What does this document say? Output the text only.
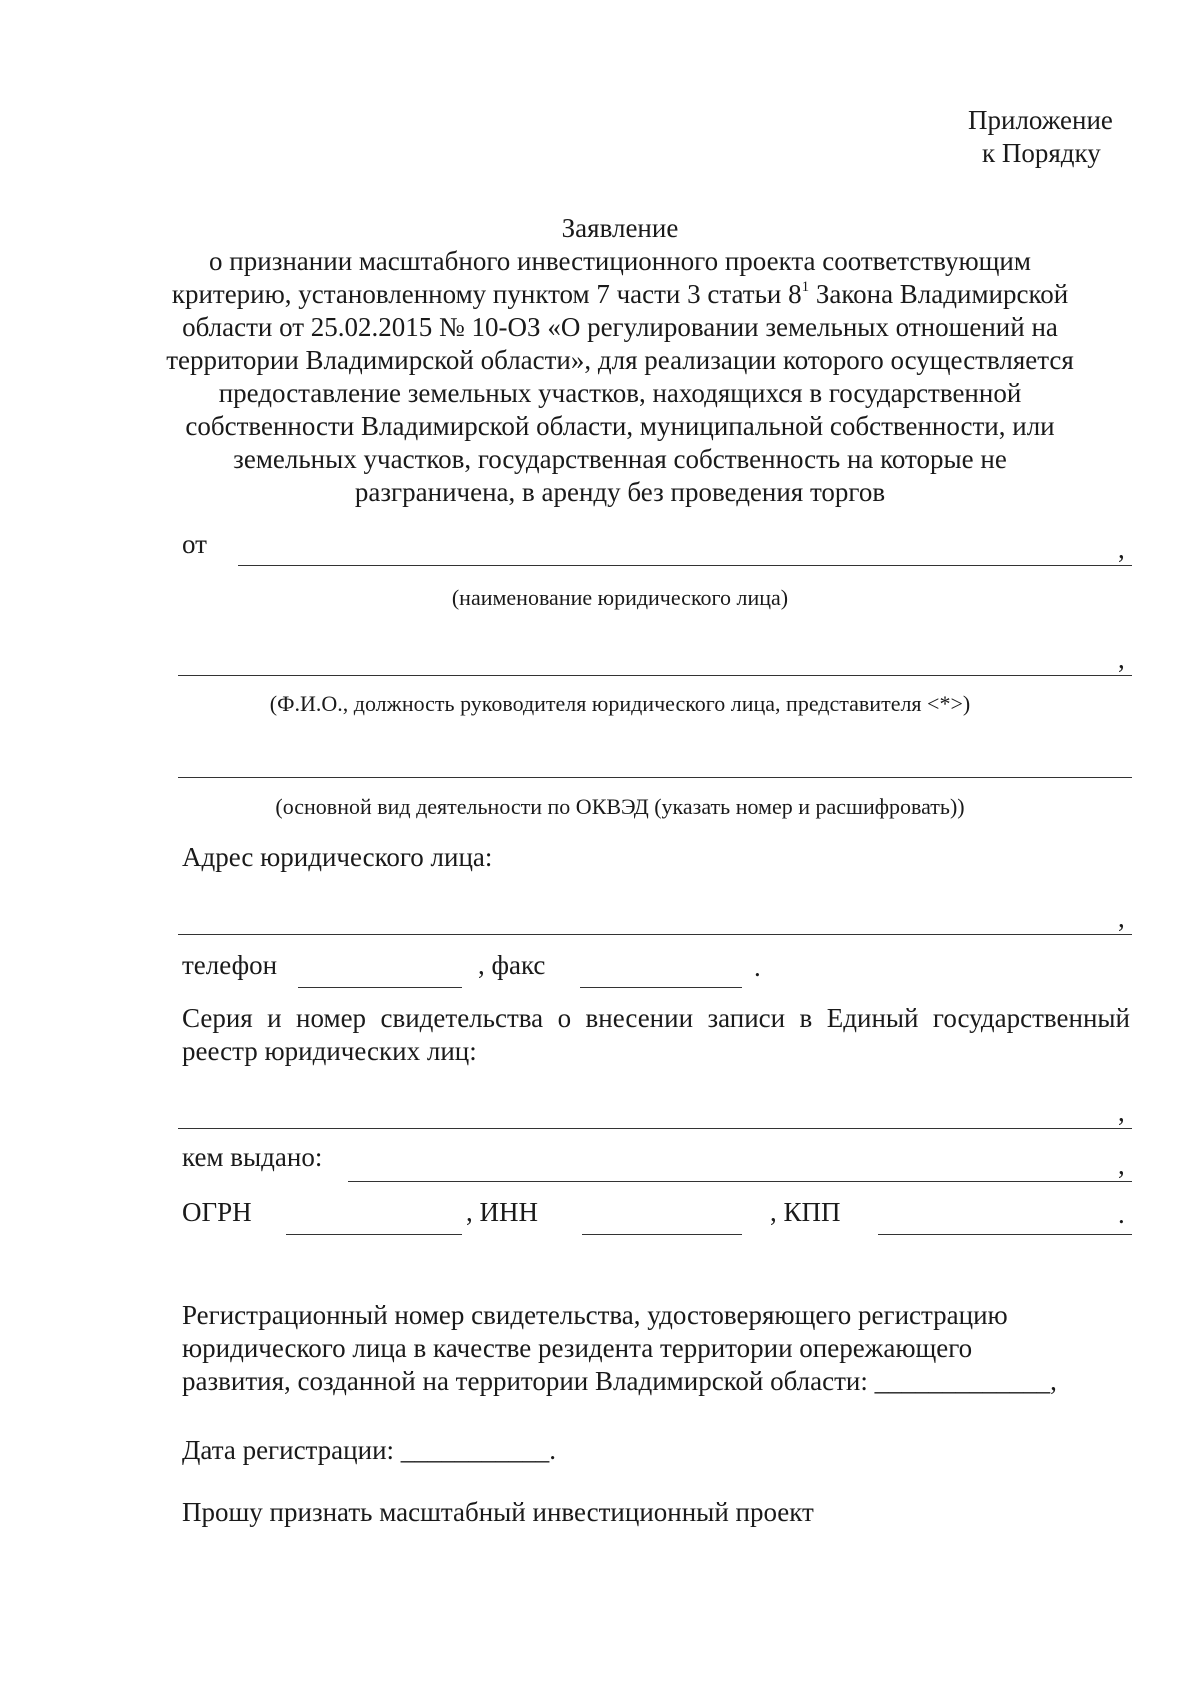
Приложение
к Порядку
Заявление
о признании масштабного инвестиционного проекта соответствующим
критерию, установленному пунктом 7 части 3 статьи $8^1$ Закона Владимирской
области от 25.02.2015 № 10-ОЗ «О регулировании земельных отношений на
территории Владимирской области», для реализации которого осуществляется
предоставление земельных участков, находящихся в государственной
собственности Владимирской области, муниципальной собственности, или
земельных участков, государственная собственность на которые не
разграничена, в аренду без проведения торгов
от	,
(наименование юридического лица)
,
(Ф.И.О., должность руководителя юридического лица, представителя <*>)
(основной вид деятельности по ОКВЭД (указать номер и расшифровать))
Адрес юридического лица:
,
телефон	, факс	.
Серия и номер свидетельства о внесении записи в Единый государственный
реестр юридических лиц:
,
кем выдано:	,
ОГРН	, ИНН	, КПП	.
Регистрационный номер свидетельства, удостоверяющего регистрацию
юридического лица в качестве резидента территории опережающего
развития, созданной на территории Владимирской области: _____________,
Дата регистрации: ___________.
Прошу признать масштабный инвестиционный проект
